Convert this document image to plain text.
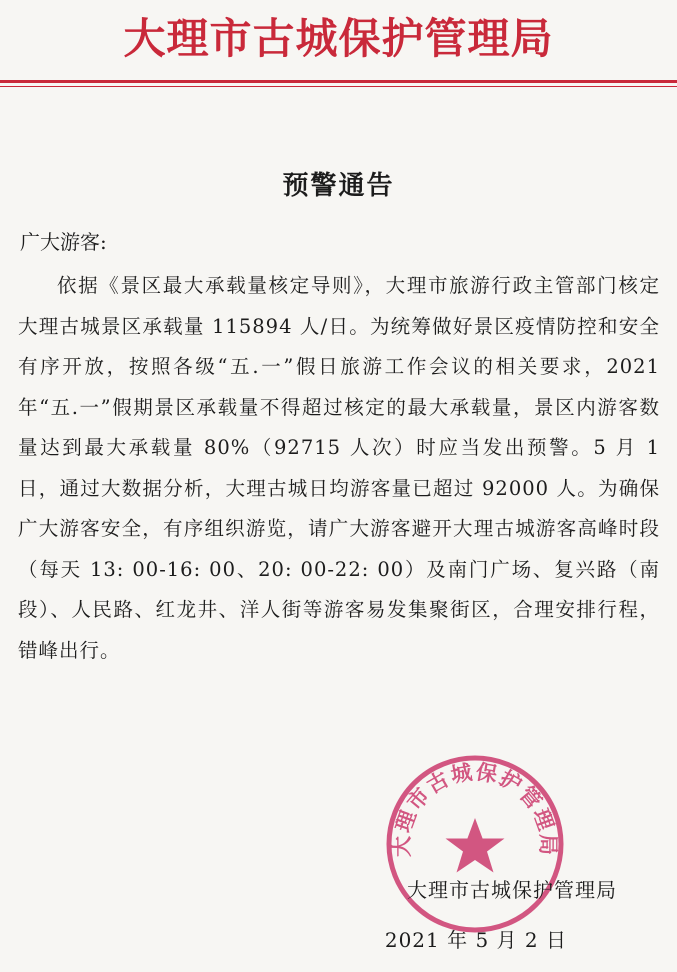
大理市古城保护管理局
预警通告
广大游客:
依据《景区最大承载量核定导则》，大理市旅游行政主管部门核定大理古城景区承载量 115894 人/日。为统筹做好景区疫情防控和安全有序开放，按照各级“五.一”假日旅游工作会议的相关要求，2021 年“五.一”假期景区承载量不得超过核定的最大承载量，景区内游客数量达到最大承载量 80%（92715 人次）时应当发出预警。5 月 1 日，通过大数据分析，大理古城日均游客量已超过 92000 人。为确保广大游客安全，有序组织游览，请广大游客避开大理古城游客高峰时段（每天 13: 00-16: 00、20: 00-22: 00）及南门广场、复兴路（南段）、人民路、红龙井、洋人街等游客易发集聚街区，合理安排行程，错峰出行。
大理市古城保护管理局
大理市古城保护管理局
2021 年 5 月 2 日
